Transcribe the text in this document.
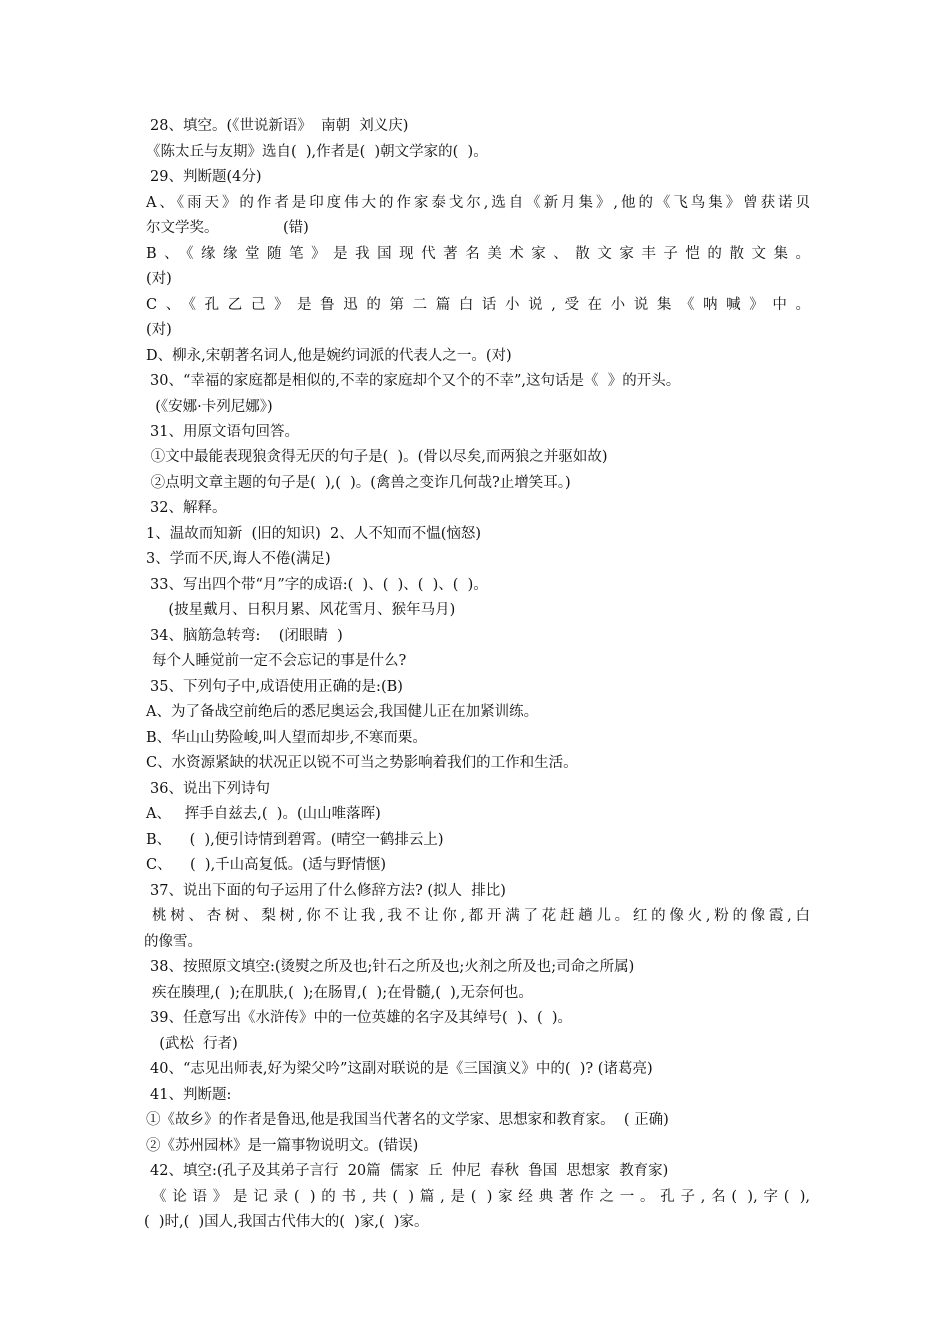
28、填空。(《世说新语》  南朝  刘义庆)
《陈太丘与友期》选自(  ),作者是(  )朝文学家的(  )。
29、判断题(4分)
A、《雨天》的作者是印度伟大的作家泰戈尔,选自《新月集》,他的《飞鸟集》曾获诺贝
尔文学奖。              (错)
B、《缘缘堂随笔》是我国现代著名美术家、散文家丰子恺的散文集。
(对)
C、《孔乙己》是鲁迅的第二篇白话小说,受在小说集《呐喊》中。
(对)
D、柳永,宋朝著名词人,他是婉约词派的代表人之一。(对)
30、“幸福的家庭都是相似的,不幸的家庭却个又个的不幸”,这句话是《  》的开头。
(《安娜·卡列尼娜》)
31、用原文语句回答。
①文中最能表现狼贪得无厌的句子是(  )。(骨以尽矣,而两狼之并驱如故)
②点明文章主题的句子是(  ),(  )。(禽兽之变诈几何哉?止增笑耳。)
32、解释。
1、温故而知新  (旧的知识)  2、人不知而不愠(恼怒)
3、学而不厌,诲人不倦(满足)
33、写出四个带“月”字的成语:(  )、(  )、(  )、(  )。
(披星戴月、日积月累、风花雪月、猴年马月)
34、脑筋急转弯:    (闭眼睛  )
每个人睡觉前一定不会忘记的事是什么?
35、下列句子中,成语使用正确的是:(B)
A、为了备战空前绝后的悉尼奥运会,我国健儿正在加紧训练。
B、华山山势险峻,叫人望而却步,不寒而栗。
C、水资源紧缺的状况正以锐不可当之势影响着我们的工作和生活。
36、说出下列诗句
A、   挥手自兹去,(  )。(山山唯落晖)
B、    (  ),便引诗情到碧霄。(晴空一鹤排云上)
C、    (  ),千山高复低。(适与野情惬)
37、说出下面的句子运用了什么修辞方法? (拟人  排比)
桃树、杏树、梨树,你不让我,我不让你,都开满了花赶趟儿。红的像火,粉的像霞,白
的像雪。
38、按照原文填空:(烫熨之所及也;针石之所及也;火剂之所及也;司命之所属)
疾在腠理,(  );在肌肤,(  );在肠胃,(  );在骨髓,(  ),无奈何也。
39、任意写出《水浒传》中的一位英雄的名字及其绰号(  )、(  )。
(武松  行者)
40、“志见出师表,好为梁父吟”这副对联说的是《三国演义》中的(  )? (诸葛亮)
41、判断题:
①《故乡》的作者是鲁迅,他是我国当代著名的文学家、思想家和教育家。  ( 正确)
②《苏州园林》是一篇事物说明文。(错误)
42、填空:(孔子及其弟子言行  20篇  儒家  丘  仲尼  春秋  鲁国  思想家  教育家)
《论语》是记录( )的书,共( )篇,是( )家经典著作之一。孔子,名( ),字( ),
(  )时,(  )国人,我国古代伟大的(  )家,(  )家。
